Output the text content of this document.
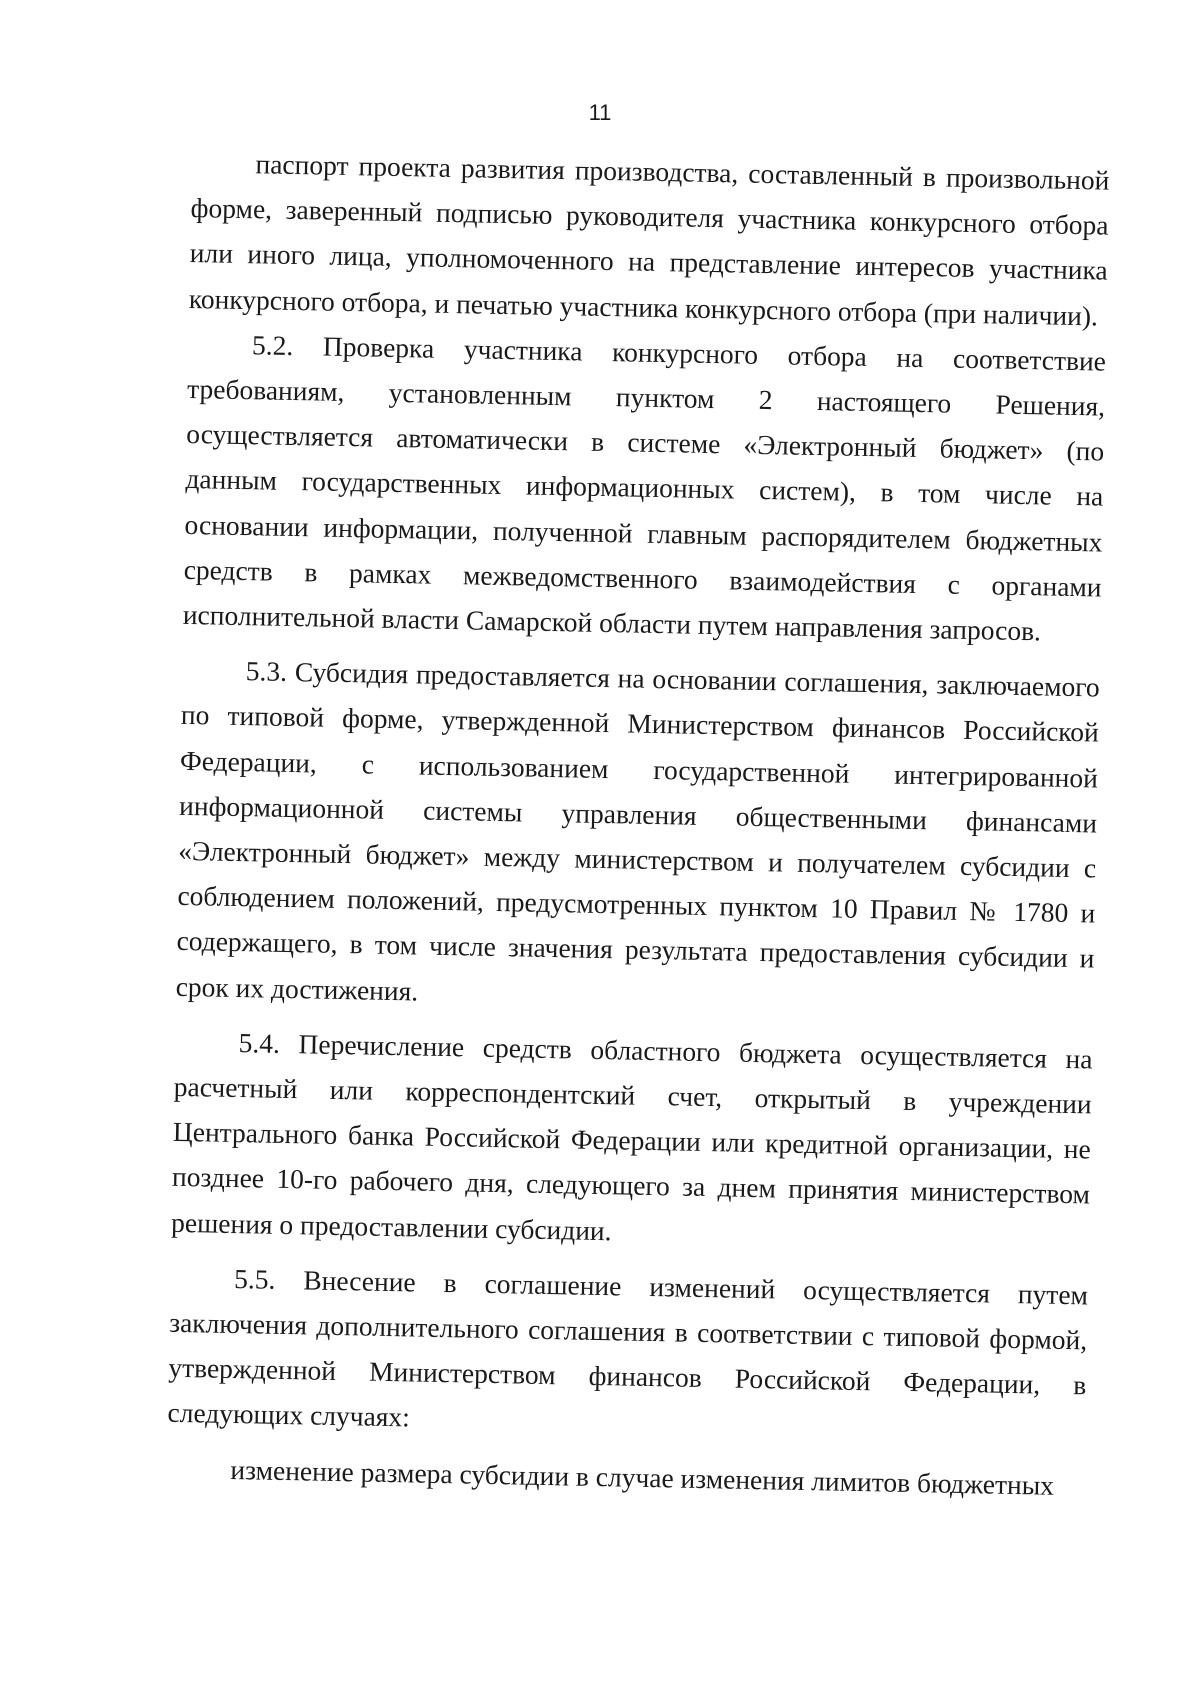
11

паспорт проекта развития производства, составленный в произвольной форме, заверенный подписью руководителя участника конкурсного отбора или иного лица, уполномоченного на представление интересов участника конкурсного отбора, и печатью участника конкурсного отбора (при наличии).

5.2. Проверка участника конкурсного отбора на соответствие требованиям, установленным пунктом 2 настоящего Решения, осуществляется автоматически в системе «Электронный бюджет» (по данным государственных информационных систем), в том числе на основании информации, полученной главным распорядителем бюджетных средств в рамках межведомственного взаимодействия с органами исполнительной власти Самарской области путем направления запросов.

5.3. Субсидия предоставляется на основании соглашения, заключаемого по типовой форме, утвержденной Министерством финансов Российской Федерации, с использованием государственной интегрированной информационной системы управления общественными финансами «Электронный бюджет» между министерством и получателем субсидии с соблюдением положений, предусмотренных пунктом 10 Правил № 1780 и содержащего, в том числе значения результата предоставления субсидии и срок их достижения.

5.4. Перечисление средств областного бюджета осуществляется на расчетный или корреспондентский счет, открытый в учреждении Центрального банка Российской Федерации или кредитной организации, не позднее 10-го рабочего дня, следующего за днем принятия министерством решения о предоставлении субсидии.

5.5. Внесение в соглашение изменений осуществляется путем заключения дополнительного соглашения в соответствии с типовой формой, утвержденной Министерством финансов Российской Федерации, в следующих случаях:

изменение размера субсидии в случае изменения лимитов бюджетных
